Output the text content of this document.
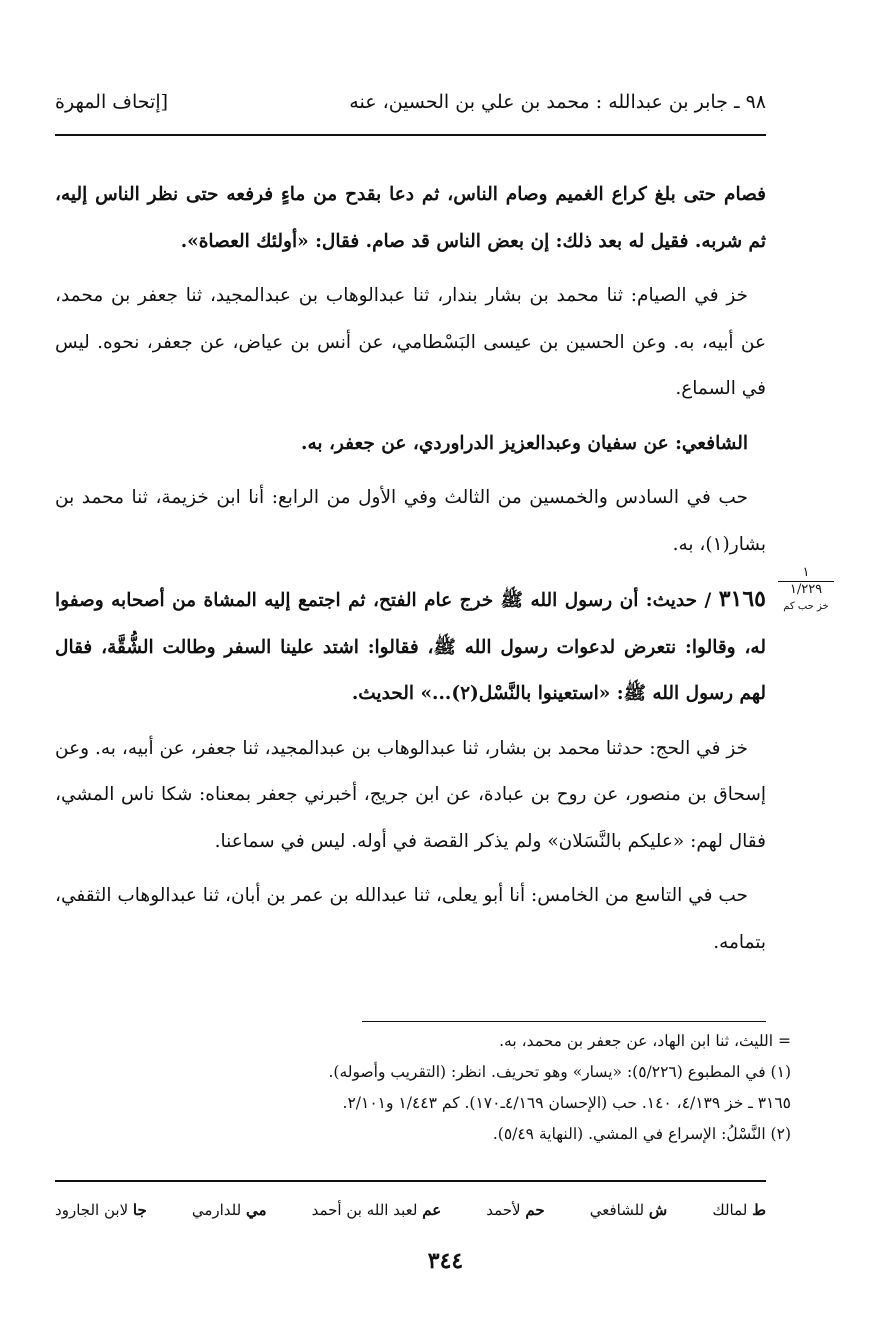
٩٨ ـ جابر بن عبدالله : محمد بن علي بن الحسين، عنه
[إتحاف المهرة

فصام حتى بلغ كراع الغميم وصام الناس، ثم دعا بقدح من ماءٍ فرفعه حتى نظر الناس إليه، ثم شربه. فقيل له بعد ذلك: إن بعض الناس قد صام. فقال: «أولئك العصاة».

خز في الصيام: ثنا محمد بن بشار بندار، ثنا عبدالوهاب بن عبدالمجيد، ثنا جعفر بن محمد، عن أبيه، به. وعن الحسين بن عيسى البَسْطامي، عن أنس بن عياض، عن جعفر، نحوه. ليس في السماع.

الشافعي: عن سفيان وعبدالعزيز الدراوردي، عن جعفر، به.

حب في السادس والخمسين من الثالث وفي الأول من الرابع: أنا ابن خزيمة، ثنا محمد بن بشار(١)، به.

٣١٦٥ / حديث: أن رسول الله ﷺ خرج عام الفتح، ثم اجتمع إليه المشاة من أصحابه وصفوا له، وقالوا: نتعرض لدعوات رسول الله ﷺ، فقالوا: اشتد علينا السفر وطالت الشُّقَّة، فقال لهم رسول الله ﷺ: «استعينوا بالنَّسْل(٢)...» الحديث.

خز في الحج: حدثنا محمد بن بشار، ثنا عبدالوهاب بن عبدالمجيد، ثنا جعفر، عن أبيه، به. وعن إسحاق بن منصور، عن روح بن عبادة، عن ابن جريج، أخبرني جعفر بمعناه: شكا ناس المشي، فقال لهم: «عليكم بالنَّسَلان» ولم يذكر القصة في أوله. ليس في سماعنا.

حب في التاسع من الخامس: أنا أبو يعلى، ثنا عبدالله بن عمر بن أبان، ثنا عبدالوهاب الثقفي، بتمامه.

١
١/٢٢٩
خز حب كم
= الليث، ثنا ابن الهاد، عن جعفر بن محمد، به.
(١) في المطبوع (٥/٢٢٦): «يسار» وهو تحريف. انظر: (التقريب وأصوله).
٣١٦٥ ـ خز ٤/١٣٩، ١٤٠. حب (الإحسان ٤/١٦٩ـ١٧٠). كم ١/٤٤٣ و٢/١٠١.
(٢) النَّسْلُ: الإسراع في المشي. (النهاية ٥/٤٩).
ط لمالك
ش للشافعي
حم لأحمد
عم لعبد الله بن أحمد
مي للدارمي
جا لابن الجارود
٣٤٤
